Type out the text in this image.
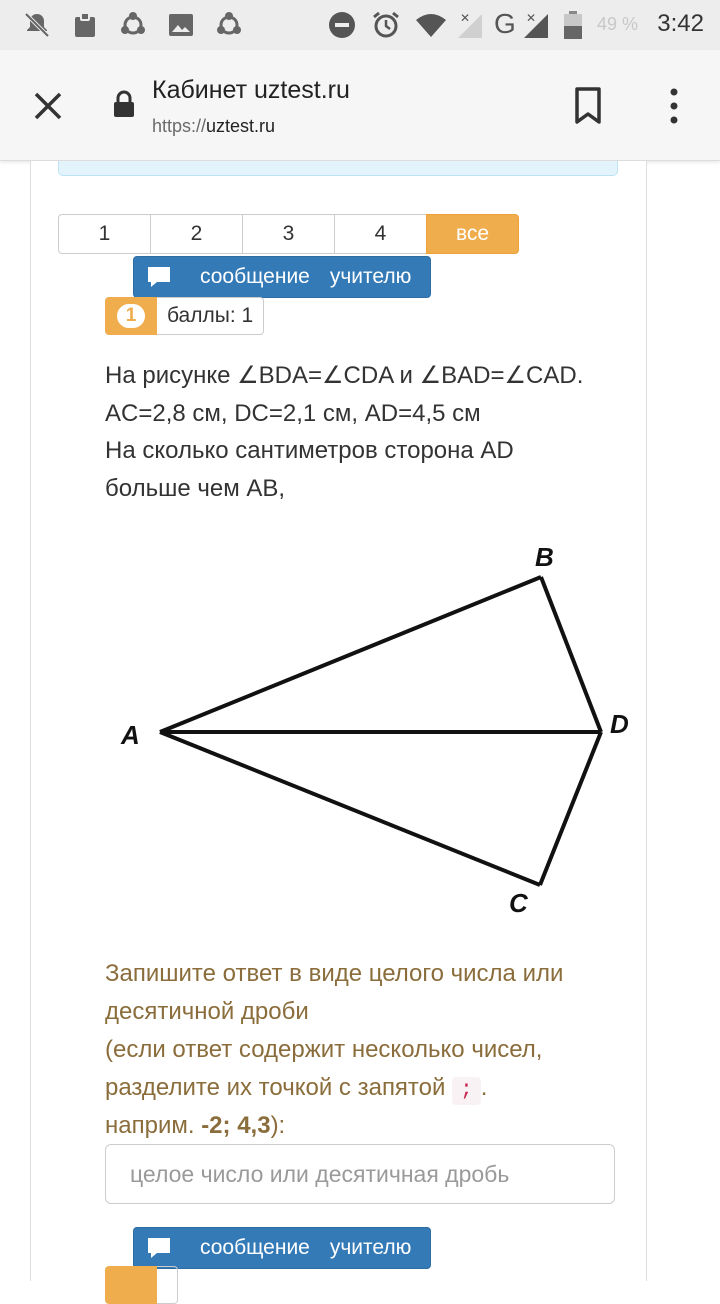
✕ G ✕	49 % 3:42
Кабинет uztest.ru
https://uztest.ru
1	2	3	4	все
сообщение учителю
1	баллы: 1
На рисунке ∠BDA=∠CDA и ∠BAD=∠CAD.
AC=2,8 см, DC=2,1 см, AD=4,5 см
На сколько сантиметров сторона AD
больше чем AB,
A
B
D
C
Запишите ответ в виде целого числа или
десятичной дроби
(если ответ содержит несколько чисел,
разделите их точкой с запятой ; .
наприм. -2; 4,3):
целое число или десятичная дробь
сообщение учителю
